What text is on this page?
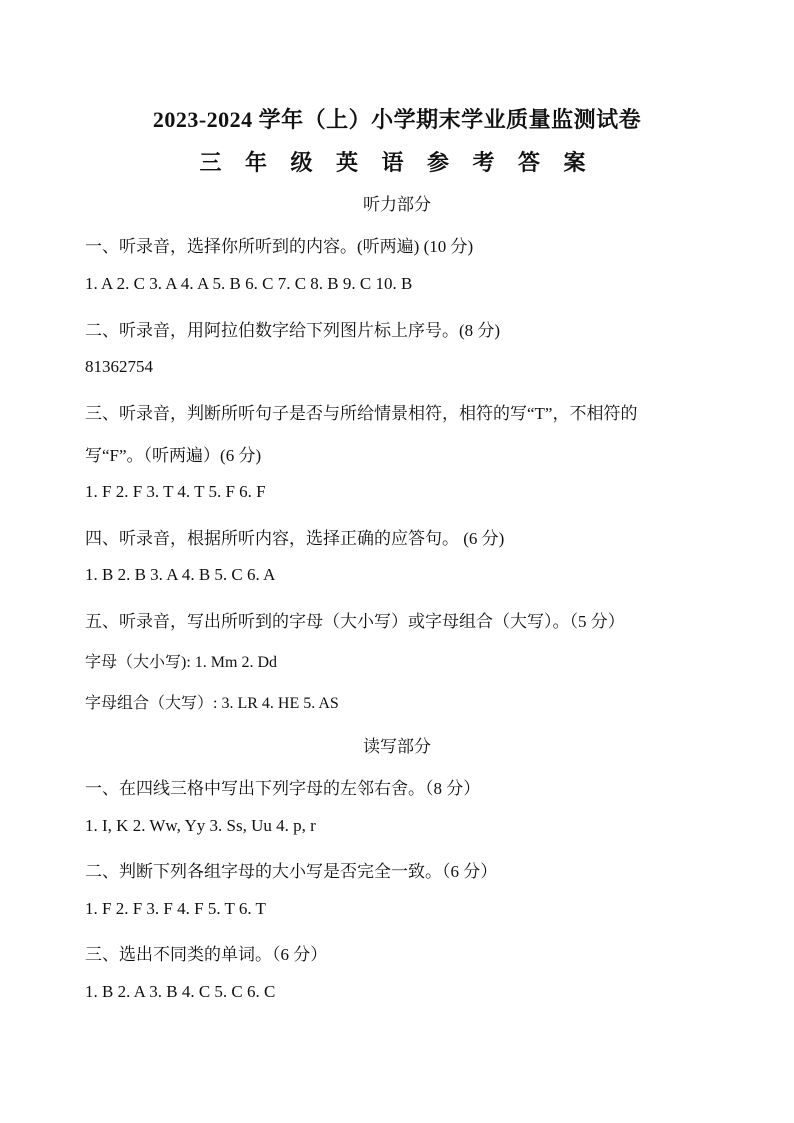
2023-2024 学年（上）小学期末学业质量监测试卷
三 年 级 英 语 参 考 答 案
听力部分
一、听录音，选择你所听到的内容。(听两遍) (10 分)
1. A 2. C 3. A 4. A 5. B 6. C 7. C 8. B 9. C 10. B
二、听录音，用阿拉伯数字给下列图片标上序号。(8 分)
81362754
三、听录音，判断所听句子是否与所给情景相符，相符的写“T”，不相符的
写“F”。（听两遍）(6 分)
1. F 2. F 3. T 4. T 5. F 6. F
四、听录音，根据所听内容，选择正确的应答句。 (6 分)
1. B 2. B 3. A 4. B 5. C 6. A
五、听录音，写出所听到的字母（大小写）或字母组合（大写）。（5 分）
字母（大小写): 1. Mm 2. Dd
字母组合（大写）: 3. LR 4. HE 5. AS
读写部分
一、在四线三格中写出下列字母的左邻右舍。（8 分）
1. I, K 2. Ww, Yy 3. Ss, Uu 4. p, r
二、判断下列各组字母的大小写是否完全一致。（6 分）
1. F 2. F 3. F 4. F 5. T 6. T
三、选出不同类的单词。（6 分）
1. B 2. A 3. B 4. C 5. C 6. C
